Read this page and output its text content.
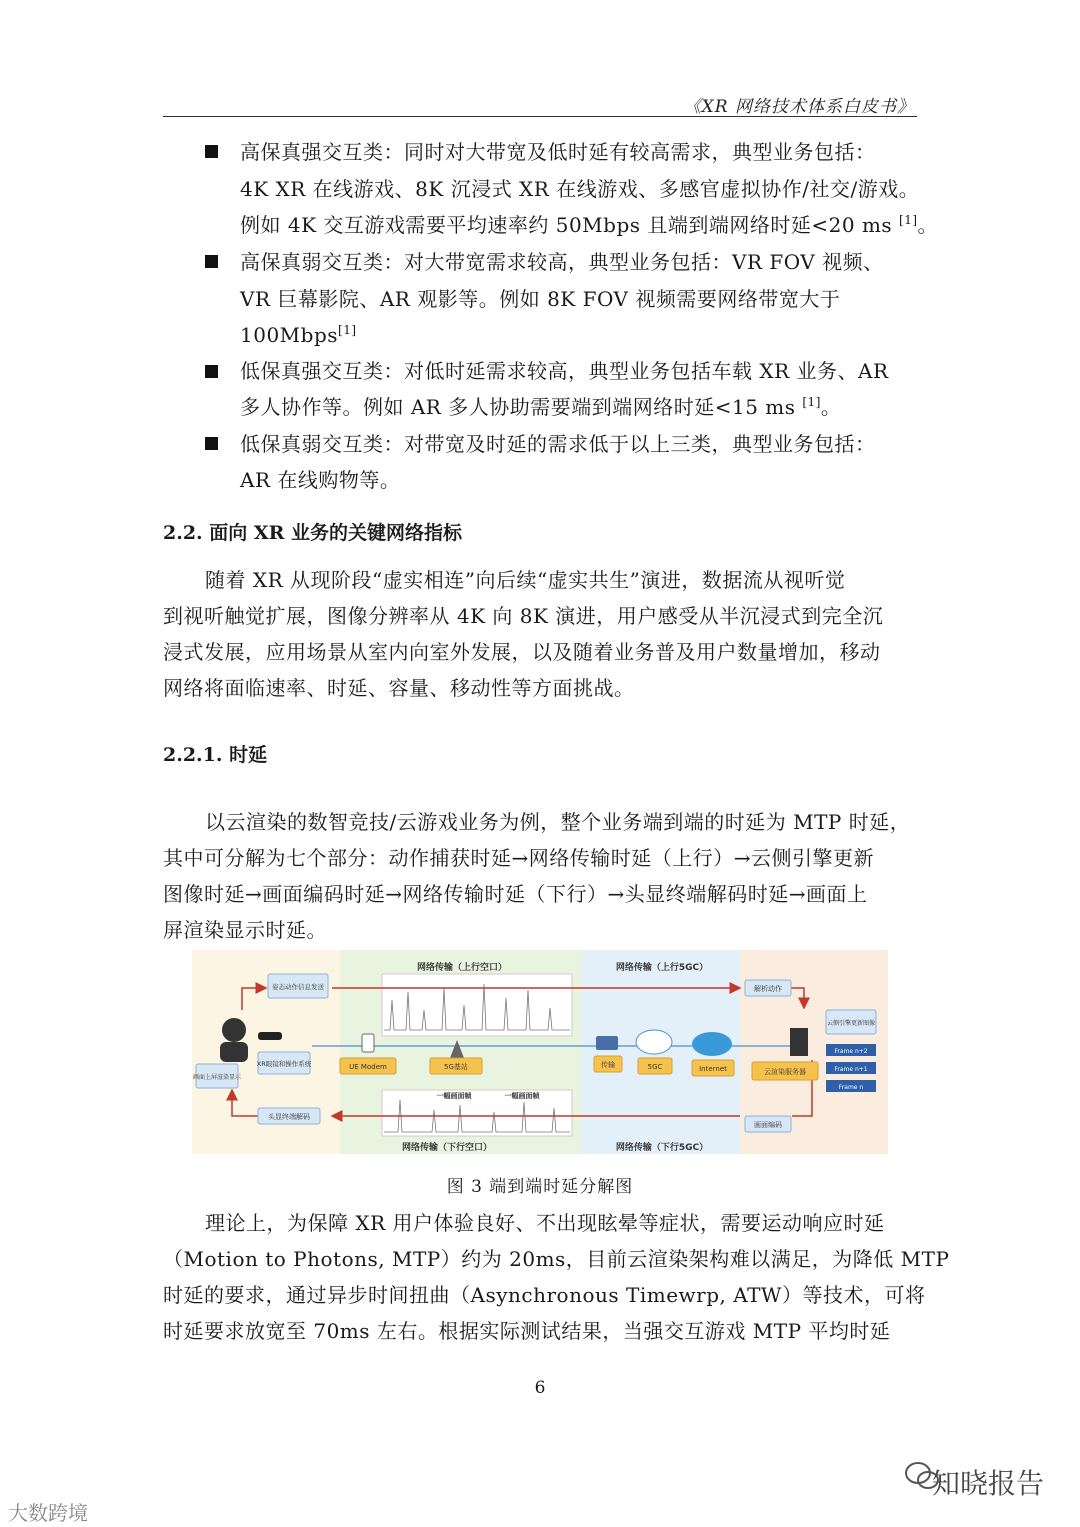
《XR 网络技术体系白皮书》
高保真强交互类：同时对大带宽及低时延有较高需求，典型业务包括：
4K XR 在线游戏、8K 沉浸式 XR 在线游戏、多感官虚拟协作/社交/游戏。
例如 4K 交互游戏需要平均速率约 50Mbps 且端到端网络时延<20 ms [1]。
高保真弱交互类：对大带宽需求较高，典型业务包括：VR FOV 视频、
VR 巨幕影院、AR 观影等。例如 8K FOV 视频需要网络带宽大于
100Mbps[1]
低保真强交互类：对低时延需求较高，典型业务包括车载 XR 业务、AR
多人协作等。例如 AR 多人协助需要端到端网络时延<15 ms [1]。
低保真弱交互类：对带宽及时延的需求低于以上三类，典型业务包括：
AR 在线购物等。
2.2. 面向 XR 业务的关键网络指标
随着 XR 从现阶段“虚实相连”向后续“虚实共生”演进，数据流从视听觉
到视听触觉扩展，图像分辨率从 4K 向 8K 演进，用户感受从半沉浸式到完全沉
浸式发展，应用场景从室内向室外发展，以及随着业务普及用户数量增加，移动
网络将面临速率、时延、容量、移动性等方面挑战。
2.2.1. 时延
以云渲染的数智竞技/云游戏业务为例，整个业务端到端的时延为 MTP 时延，
其中可分解为七个部分：动作捕获时延→网络传输时延（上行）→云侧引擎更新
图像时延→画面编码时延→网络传输时延（下行）→头显终端解码时延→画面上
屏渲染显示时延。
网络传输（上行空口）	网络传输（上行5GC）
网络传输（下行空口）	网络传输（下行5GC）
一幅画面帧	一幅画面帧
姿态动作信息发送	解析动作
画面上屏渲染显示
XR眼镜和操作系统	UE Modem	5G基站	传输	5GC	Internet	云渲染服务器
云侧引擎更新图像
Frame n+2
Frame n+1
Frame n
头显终端解码
画面编码
图 3 端到端时延分解图
理论上，为保障 XR 用户体验良好、不出现眩晕等症状，需要运动响应时延
（Motion to Photons, MTP）约为 20ms，目前云渲染架构难以满足，为降低 MTP
时延的要求，通过异步时间扭曲（Asynchronous Timewrp, ATW）等技术，可将
时延要求放宽至 70ms 左右。根据实际测试结果，当强交互游戏 MTP 平均时延
6
知晓报告
大数跨境
